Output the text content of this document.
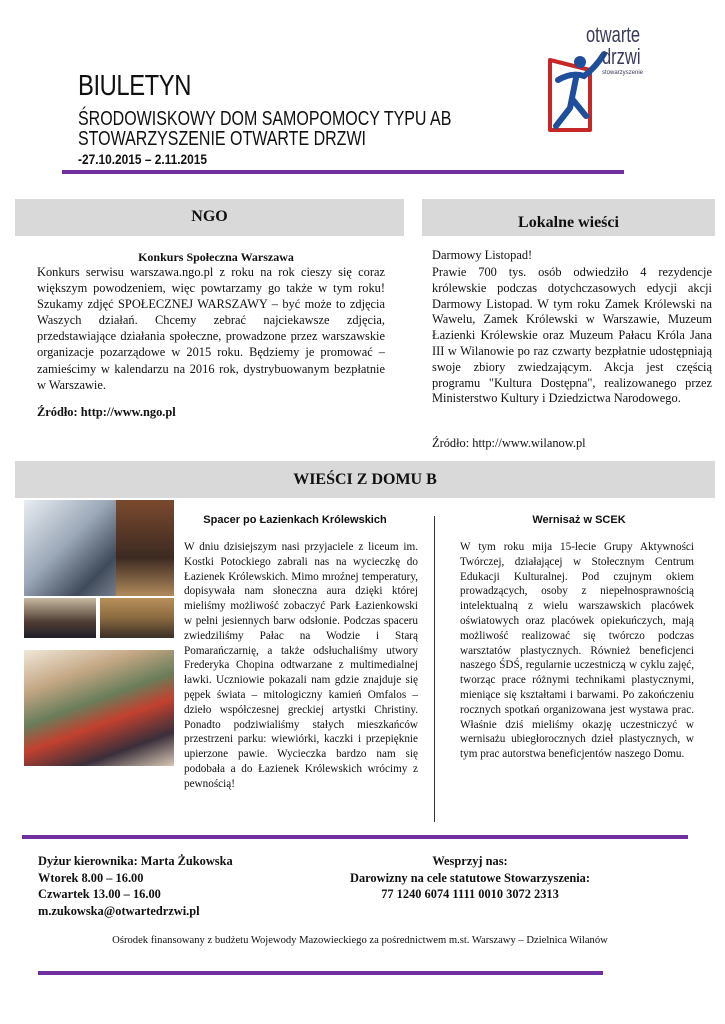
BIULETYN
ŚRODOWISKOWY DOM SAMOPOMOCY TYPU AB
STOWARZYSZENIE OTWARTE DRZWI
-27.10.2015 – 2.11.2015
otwarte
drzwi
stowarzyszenie
NGO	Lokalne wieści
Konkurs Społeczna Warszawa

Konkurs serwisu warszawa.ngo.pl z roku na rok cieszy się coraz większym powodzeniem, więc powtarzamy go także w tym roku! Szukamy zdjęć SPOŁECZNEJ WARSZAWY – być może to zdjęcia Waszych działań. Chcemy zebrać najciekawsze zdjęcia, przedstawiające działania społeczne, prowadzone przez warszawskie organizacje pozarządowe w 2015 roku. Będziemy je promować – zamieścimy w kalendarzu na 2016 rok, dystrybuowanym bezpłatnie w Warszawie.

Źródło: http://www.ngo.pl
Darmowy Listopad!

Prawie 700 tys. osób odwiedziło 4 rezydencje królewskie podczas dotychczasowych edycji akcji Darmowy Listopad. W tym roku Zamek Królewski na Wawelu, Zamek Królewski w Warszawie, Muzeum Łazienki Królewskie oraz Muzeum Pałacu Króla Jana III w Wilanowie po raz czwarty bezpłatnie udostępniają swoje zbiory zwiedzającym. Akcja jest częścią programu "Kultura Dostępna", realizowanego przez Ministerstwo Kultury i Dziedzictwa Narodowego.

Źródło: http://www.wilanow.pl
WIEŚCI Z DOMU B
Spacer po Łazienkach Królewskich

W dniu dzisiejszym nasi przyjaciele z liceum im. Kostki Potockiego zabrali nas na wycieczkę do Łazienek Królewskich. Mimo mroźnej temperatury, dopisywała nam słoneczna aura dzięki której mieliśmy możliwość zobaczyć Park Łazienkowski w pełni jesiennych barw odsłonie. Podczas spaceru zwiedziliśmy Pałac na Wodzie i Starą Pomarańczarnię, a także odsłuchaliśmy utwory Frederyka Chopina odtwarzane z multimedialnej ławki. Uczniowie pokazali nam gdzie znajduje się pępek świata – mitologiczny kamień Omfalos – dzieło współczesnej greckiej artystki Christiny. Ponadto podziwialiśmy stałych mieszkańców przestrzeni parku: wiewiórki, kaczki i przepięknie upierzone pawie. Wycieczka bardzo nam się podobała a do Łazienek Królewskich wrócimy z pewnością!

Wernisaż w SCEK

W tym roku mija 15-lecie Grupy Aktywności Twórczej, działającej w Stołecznym Centrum Edukacji Kulturalnej. Pod czujnym okiem prowadzących, osoby z niepełnosprawnością intelektualną z wielu warszawskich placówek oświatowych oraz placówek opiekuńczych, mają możliwość realizować się twórczo podczas warsztatów plastycznych. Również beneficjenci naszego ŚDŚ, regularnie uczestniczą w cyklu zajęć, tworząc prace różnymi technikami plastycznymi, mieniące się kształtami i barwami. Po zakończeniu rocznych spotkań organizowana jest wystawa prac. Właśnie dziś mieliśmy okazję uczestniczyć w wernisażu ubiegłorocznych dzieł plastycznych, w tym prac autorstwa beneficjentów naszego Domu.

Dyżur kierownika: Marta Żukowska
Wtorek 8.00 – 16.00
Czwartek 13.00 – 16.00
m.zukowska@otwartedrzwi.pl
Wesprzyj nas:
Darowizny na cele statutowe Stowarzyszenia:
77 1240 6074 1111 0010 3072 2313
Ośrodek finansowany z budżetu Wojewody Mazowieckiego za pośrednictwem m.st. Warszawy – Dzielnica Wilanów
